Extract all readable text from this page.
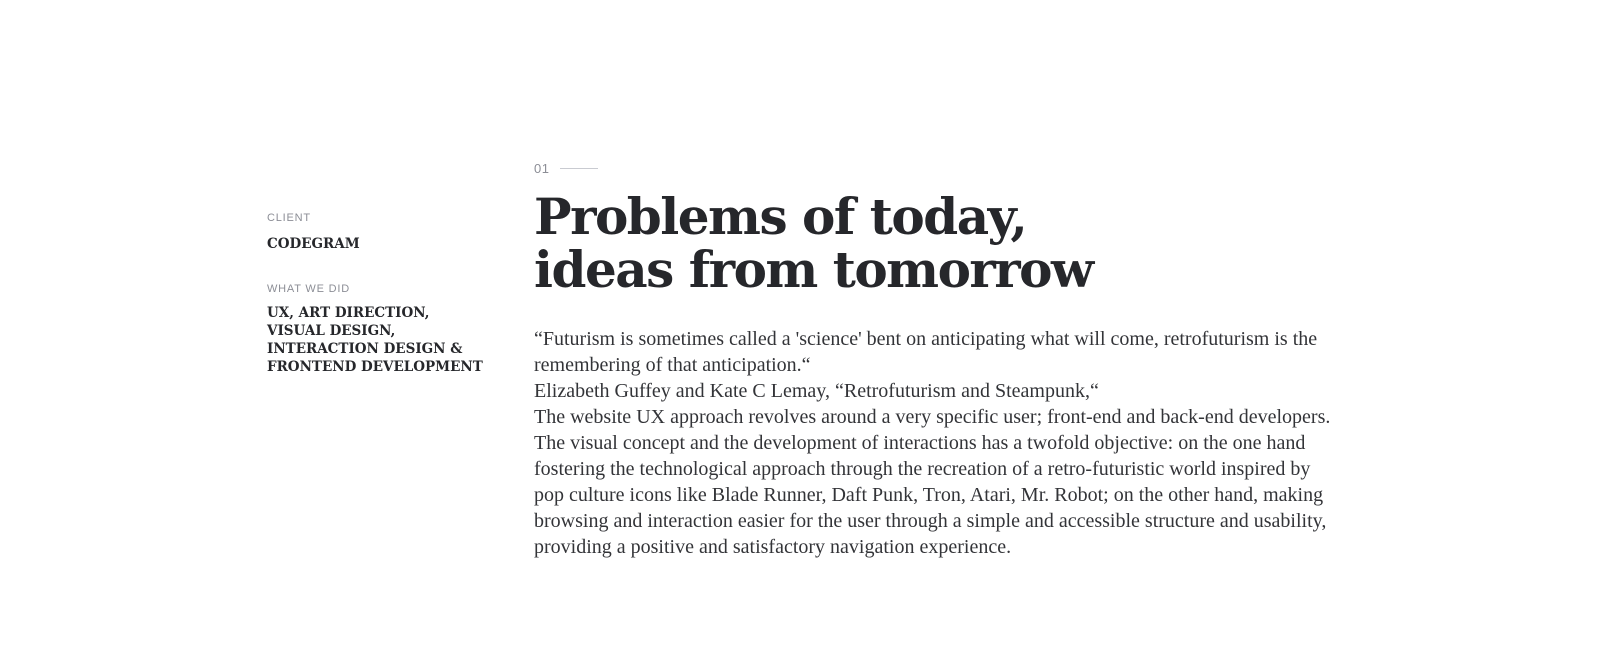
CLIENT

CODEGRAM

WHAT WE DID

UX, ART DIRECTION,
VISUAL DESIGN,
INTERACTION DESIGN &
FRONTEND DEVELOPMENT

01
Problems of today,
ideas from tomorrow

“Futurism is sometimes called a 'science' bent on anticipating what will come, retrofuturism is the remembering of that anticipation.“

Elizabeth Guffey and Kate C Lemay, “Retrofuturism and Steampunk,“

The website UX approach revolves around a very specific user; front-end and back-end developers. The visual concept and the development of interactions has a twofold objective: on the one hand fostering the technological approach through the recreation of a retro-futuristic world inspired by pop culture icons like Blade Runner, Daft Punk, Tron, Atari, Mr. Robot; on the other hand, making browsing and interaction easier for the user through a simple and accessible structure and usability, providing a positive and satisfactory navigation experience.
